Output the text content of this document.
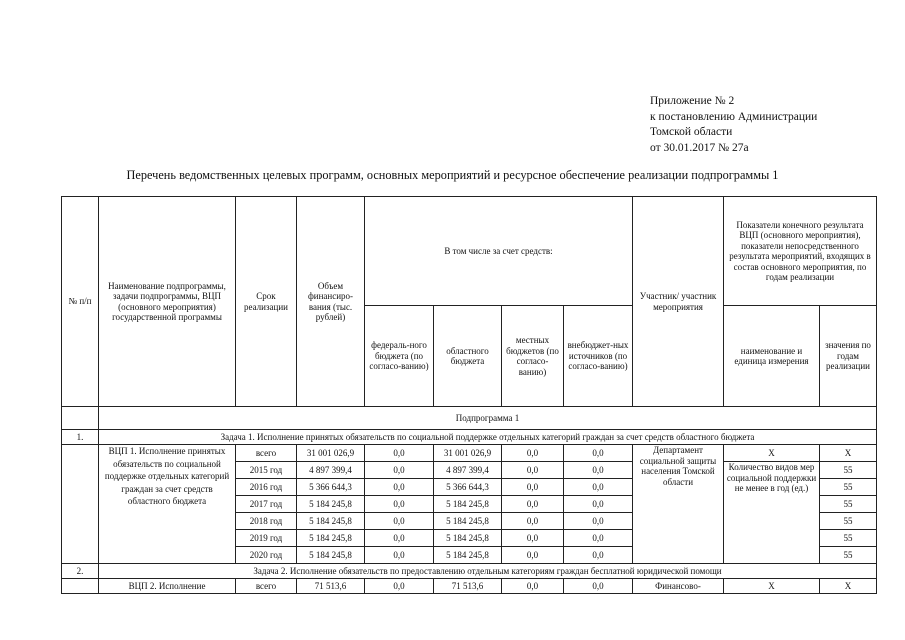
Приложение № 2
к постановлению Администрации
Томской области
от 30.01.2017 № 27а
Перечень ведомственных целевых программ, основных мероприятий и ресурсное обеспечение реализации подпрограммы 1
№ п/п	Наименование подпрограммы, задачи подпрограммы, ВЦП (основного мероприятия) государственной программы	Срок реализации	Объем финансиро-вания (тыс. рублей)	В том числе за счет средств:				Участник/ участник мероприятия	Показатели конечного результата ВЦП (основного мероприятия), показатели непосредственного результата мероприятий, входящих в состав основного мероприятия, по годам реализации	
				федераль-ного бюджета (по согласо-ванию)	областного бюджета	местных бюджетов (по согласо-ванию)	внебюджет-ных источников (по согласо-ванию)		наименование и единица измерения	значения по годам реализации
	Подпрограмма 1									
1.	Задача 1. Исполнение принятых обязательств по социальной поддержке отдельных категорий граждан за счет средств областного бюджета									
	ВЦП 1. Исполнение принятых обязательств по социальной поддержке отдельных категорий граждан за счет средств областного бюджета	всего	31 001 026,9	0,0	31 001 026,9	0,0	0,0	Департамент социальной защиты населения Томской области	Х	Х
		2015 год	4 897 399,4	0,0	4 897 399,4	0,0	0,0		Количество видов мер социальной поддержки не менее в год (ед.)	55
		2016 год	5 366 644,3	0,0	5 366 644,3	0,0	0,0			55
		2017 год	5 184 245,8	0,0	5 184 245,8	0,0	0,0			55
		2018 год	5 184 245,8	0,0	5 184 245,8	0,0	0,0			55
		2019 год	5 184 245,8	0,0	5 184 245,8	0,0	0,0			55
		2020 год	5 184 245,8	0,0	5 184 245,8	0,0	0,0			55
2.	Задача 2. Исполнение обязательств по предоставлению отдельным категориям граждан бесплатной юридической помощи									
	ВЦП 2. Исполнение	всего	71 513,6	0,0	71 513,6	0,0	0,0	Финансово-	Х	Х
